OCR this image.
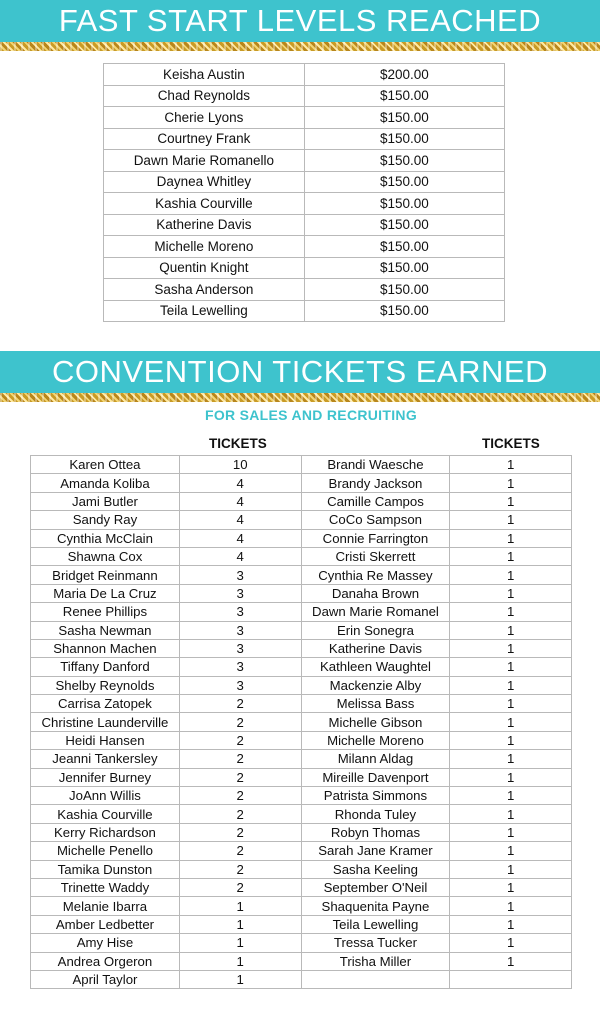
FAST START LEVELS REACHED
Keisha Austin	$200.00
Chad Reynolds	$150.00
Cherie Lyons	$150.00
Courtney Frank	$150.00
Dawn Marie Romanello	$150.00
Daynea Whitley	$150.00
Kashia Courville	$150.00
Katherine Davis	$150.00
Michelle Moreno	$150.00
Quentin Knight	$150.00
Sasha Anderson	$150.00
Teila Lewelling	$150.00
CONVENTION TICKETS EARNED
FOR SALES AND RECRUITING
TICKETS	TICKETS
Karen Ottea	10	Brandi Waesche	1
Amanda Koliba	4	Brandy Jackson	1
Jami Butler	4	Camille Campos	1
Sandy Ray	4	CoCo Sampson	1
Cynthia McClain	4	Connie Farrington	1
Shawna Cox	4	Cristi Skerrett	1
Bridget Reinmann	3	Cynthia Re Massey	1
Maria De La Cruz	3	Danaha Brown	1
Renee Phillips	3	Dawn Marie Romanel	1
Sasha Newman	3	Erin Sonegra	1
Shannon Machen	3	Katherine Davis	1
Tiffany Danford	3	Kathleen Waughtel	1
Shelby Reynolds	3	Mackenzie Alby	1
Carrisa Zatopek	2	Melissa Bass	1
Christine Launderville	2	Michelle Gibson	1
Heidi Hansen	2	Michelle Moreno	1
Jeanni Tankersley	2	Milann Aldag	1
Jennifer Burney	2	Mireille Davenport	1
JoAnn Willis	2	Patrista Simmons	1
Kashia Courville	2	Rhonda Tuley	1
Kerry Richardson	2	Robyn Thomas	1
Michelle Penello	2	Sarah Jane Kramer	1
Tamika Dunston	2	Sasha Keeling	1
Trinette Waddy	2	September O'Neil	1
Melanie Ibarra	1	Shaquenita Payne	1
Amber Ledbetter	1	Teila Lewelling	1
Amy Hise	1	Tressa Tucker	1
Andrea Orgeron	1	Trisha Miller	1
April Taylor	1		
